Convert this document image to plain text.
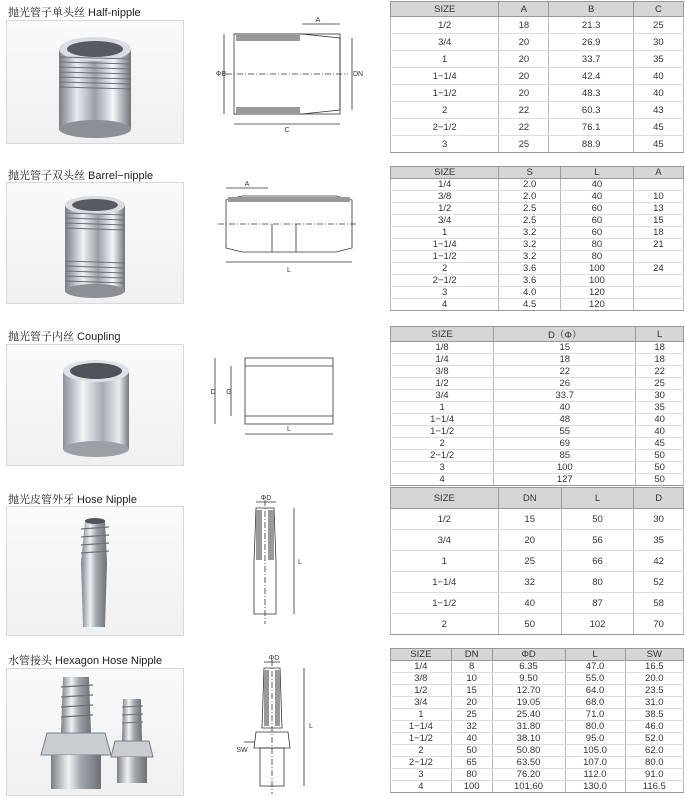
抛光管子单头丝 Half-nipple
A
ΦB	DN
C
SIZE	A	B	C
1/2	18	21.3	25
3/4	20	26.9	30
1	20	33.7	35
1−1/4	20	42.4	40
1−1/2	20	48.3	40
2	22	60.3	43
2−1/2	22	76.1	45
3	25	88.9	45
抛光管子双头丝 Barrel−nipple
A
L
SIZE	S	L	A
1/4	2.0	40	
3/8	2.0	40	10
1/2	2.5	60	13
3/4	2.5	60	15
1	3.2	60	18
1−1/4	3.2	80	21
1−1/2	3.2	80	
2	3.6	100	24
2−1/2	3.6	100	
3	4.0	120	
4	4.5	120	
抛光管子内丝 Coupling
D G
L
SIZE	D（Φ）	L
1/8	15	18
1/4	18	18
3/8	22	22
1/2	26	25
3/4	33.7	30
1	40	35
1−1/4	48	40
1−1/2	55	40
2	69	45
2−1/2	85	50
3	100	50
4	127	50
抛光皮管外牙 Hose Nipple	ΦD
L
SIZE	DN	L	D
1/2	15	50	30
3/4	20	56	35
1	25	66	42
1−1/4	32	80	52
1−1/2	40	87	58
2	50	102	70
水管接头 Hexagon Hose Nipple	ΦD
L
SW
SIZE	DN	ΦD	L	SW
1/4	8	6.35	47.0	16.5
3/8	10	9.50	55.0	20.0
1/2	15	12.70	64.0	23.5
3/4	20	19.05	68.0	31.0
1	25	25.40	71.0	38.5
1−1/4	32	31.80	80.0	46.0
1−1/2	40	38.10	95.0	52.0
2	50	50.80	105.0	62.0
2−1/2	65	63.50	107.0	80.0
3	80	76.20	112.0	91.0
4	100	101.60	130.0	116.5
